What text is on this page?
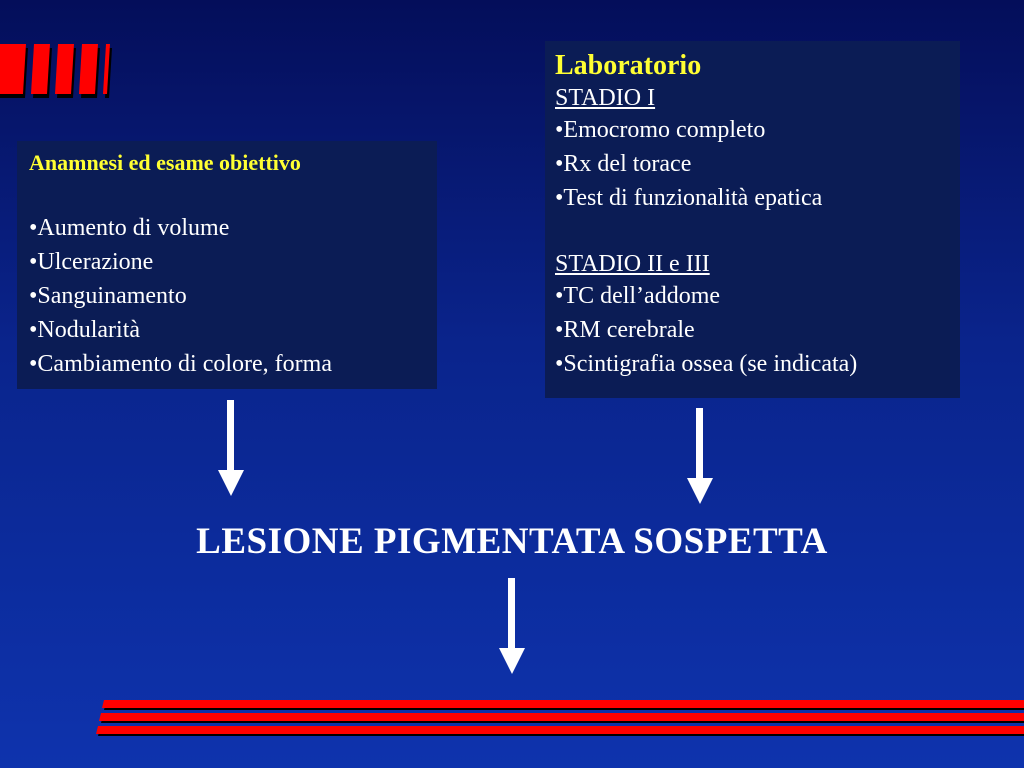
Anamnesi ed esame obiettivo
•Aumento di volume
•Ulcerazione
•Sanguinamento
•Nodularità
•Cambiamento di colore, forma
Laboratorio
STADIO I
•Emocromo completo
•Rx del torace
•Test di funzionalità epatica
STADIO II e III
•TC dell’addome
•RM cerebrale
•Scintigrafia ossea (se indicata)
LESIONE PIGMENTATA SOSPETTA
